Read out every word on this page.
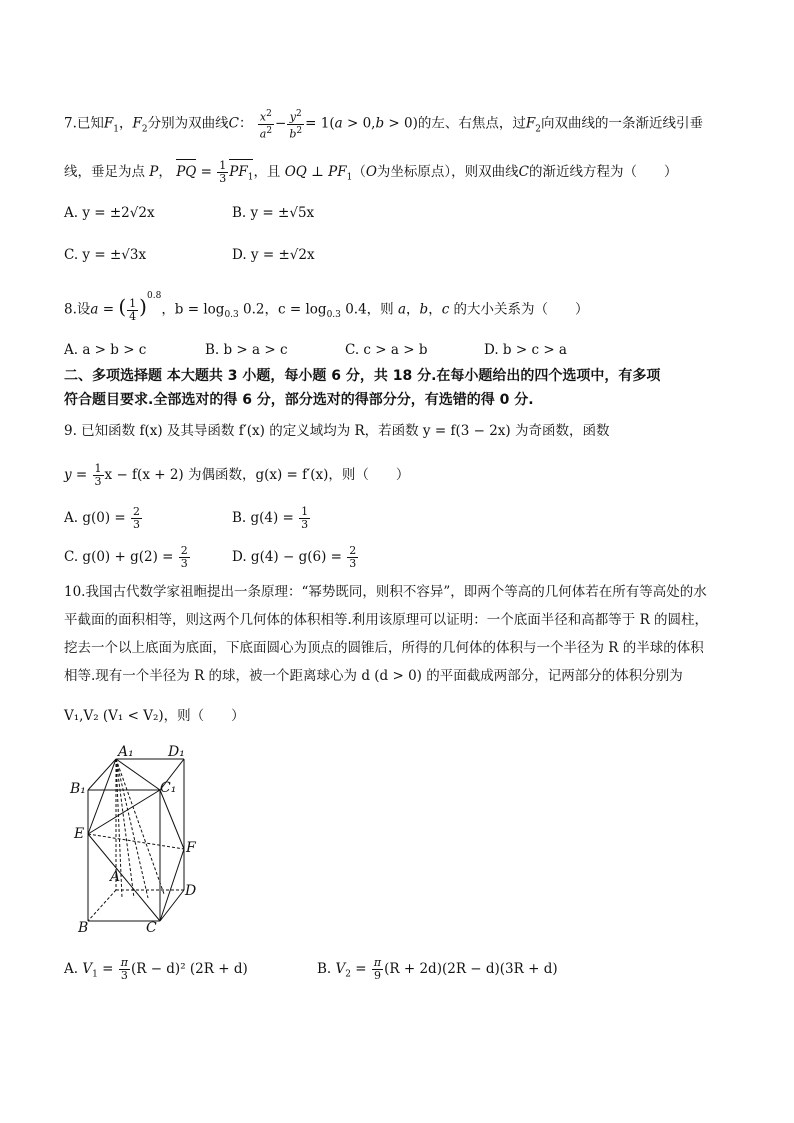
7.已知$F_1$，$F_2$分别为双曲线C： $\frac{x^2}{a^2} - \frac{y^2}{b^2} = 1(a > 0,b > 0)$的左、右焦点，过$F_2$向双曲线的一条渐近线引垂
线，垂足为点 P， PQ = $\frac{1}{3} PF_1$，且 OQ ⊥ $PF_1(O$为坐标原点），则双曲线C的渐近线方程为（　　）
A. y = ±2√2x	B. y = ±√5x
C. y = ±√3x	D. y = ±√2x
8.设a = ( $\frac{1}{4} )^{0.8}$，$b = \log_{0.3} 0.2$，$c = \log_{0.3} 0.4$，则 a，b，c 的大小关系为（　　）
A. a > b > c	B. b > a > c	C. c > a > b	D. b > c > a
二、多项选择题 本大题共 3 小题，每小题 6 分，共 18 分.在每小题给出的四个选项中，有多项
符合题目要求.全部选对的得 6 分，部分选对的得部分分，有选错的得 0 分.
9. 已知函数 f(x) 及其导函数 f′(x) 的定义域均为 R，若函数 y = f(3 − 2x) 为奇函数，函数
$y = \frac{1}{3}$ x − f(x + 2) 为偶函数，g(x) = f′(x)，则（　　）
A. $g(0) = \frac{2}{3}$	B. $g(4) = \frac{1}{3}$
C. $g(0) + g(2) = \frac{2}{3}$	D. $g(4) - g(6) = \frac{2}{3}$
10.我国古代数学家祖暅提出一条原理：“幂势既同，则积不容异”，即两个等高的几何体若在所有等高处的水
平截面的面积相等，则这两个几何体的体积相等.利用该原理可以证明：一个底面半径和高都等于 R 的圆柱，
挖去一个以上底面为底面，下底面圆心为顶点的圆锥后，所得的几何体的体积与一个半径为 R 的半球的体积
相等.现有一个半径为 R 的球，被一个距离球心为 d (d > 0) 的平面截成两部分，记两部分的体积分别为
V₁,V₂ (V₁ < V₂)，则（　　）
A₁ D₁
B₁	C₁
E
F
D
A
B	C
A. $V_1 = \frac{\pi}{3} (R - d)^2$ (2R + d)	B. $V_2 = \frac{\pi}{9} (R + 2d)(2R - d)(3R + d)$
